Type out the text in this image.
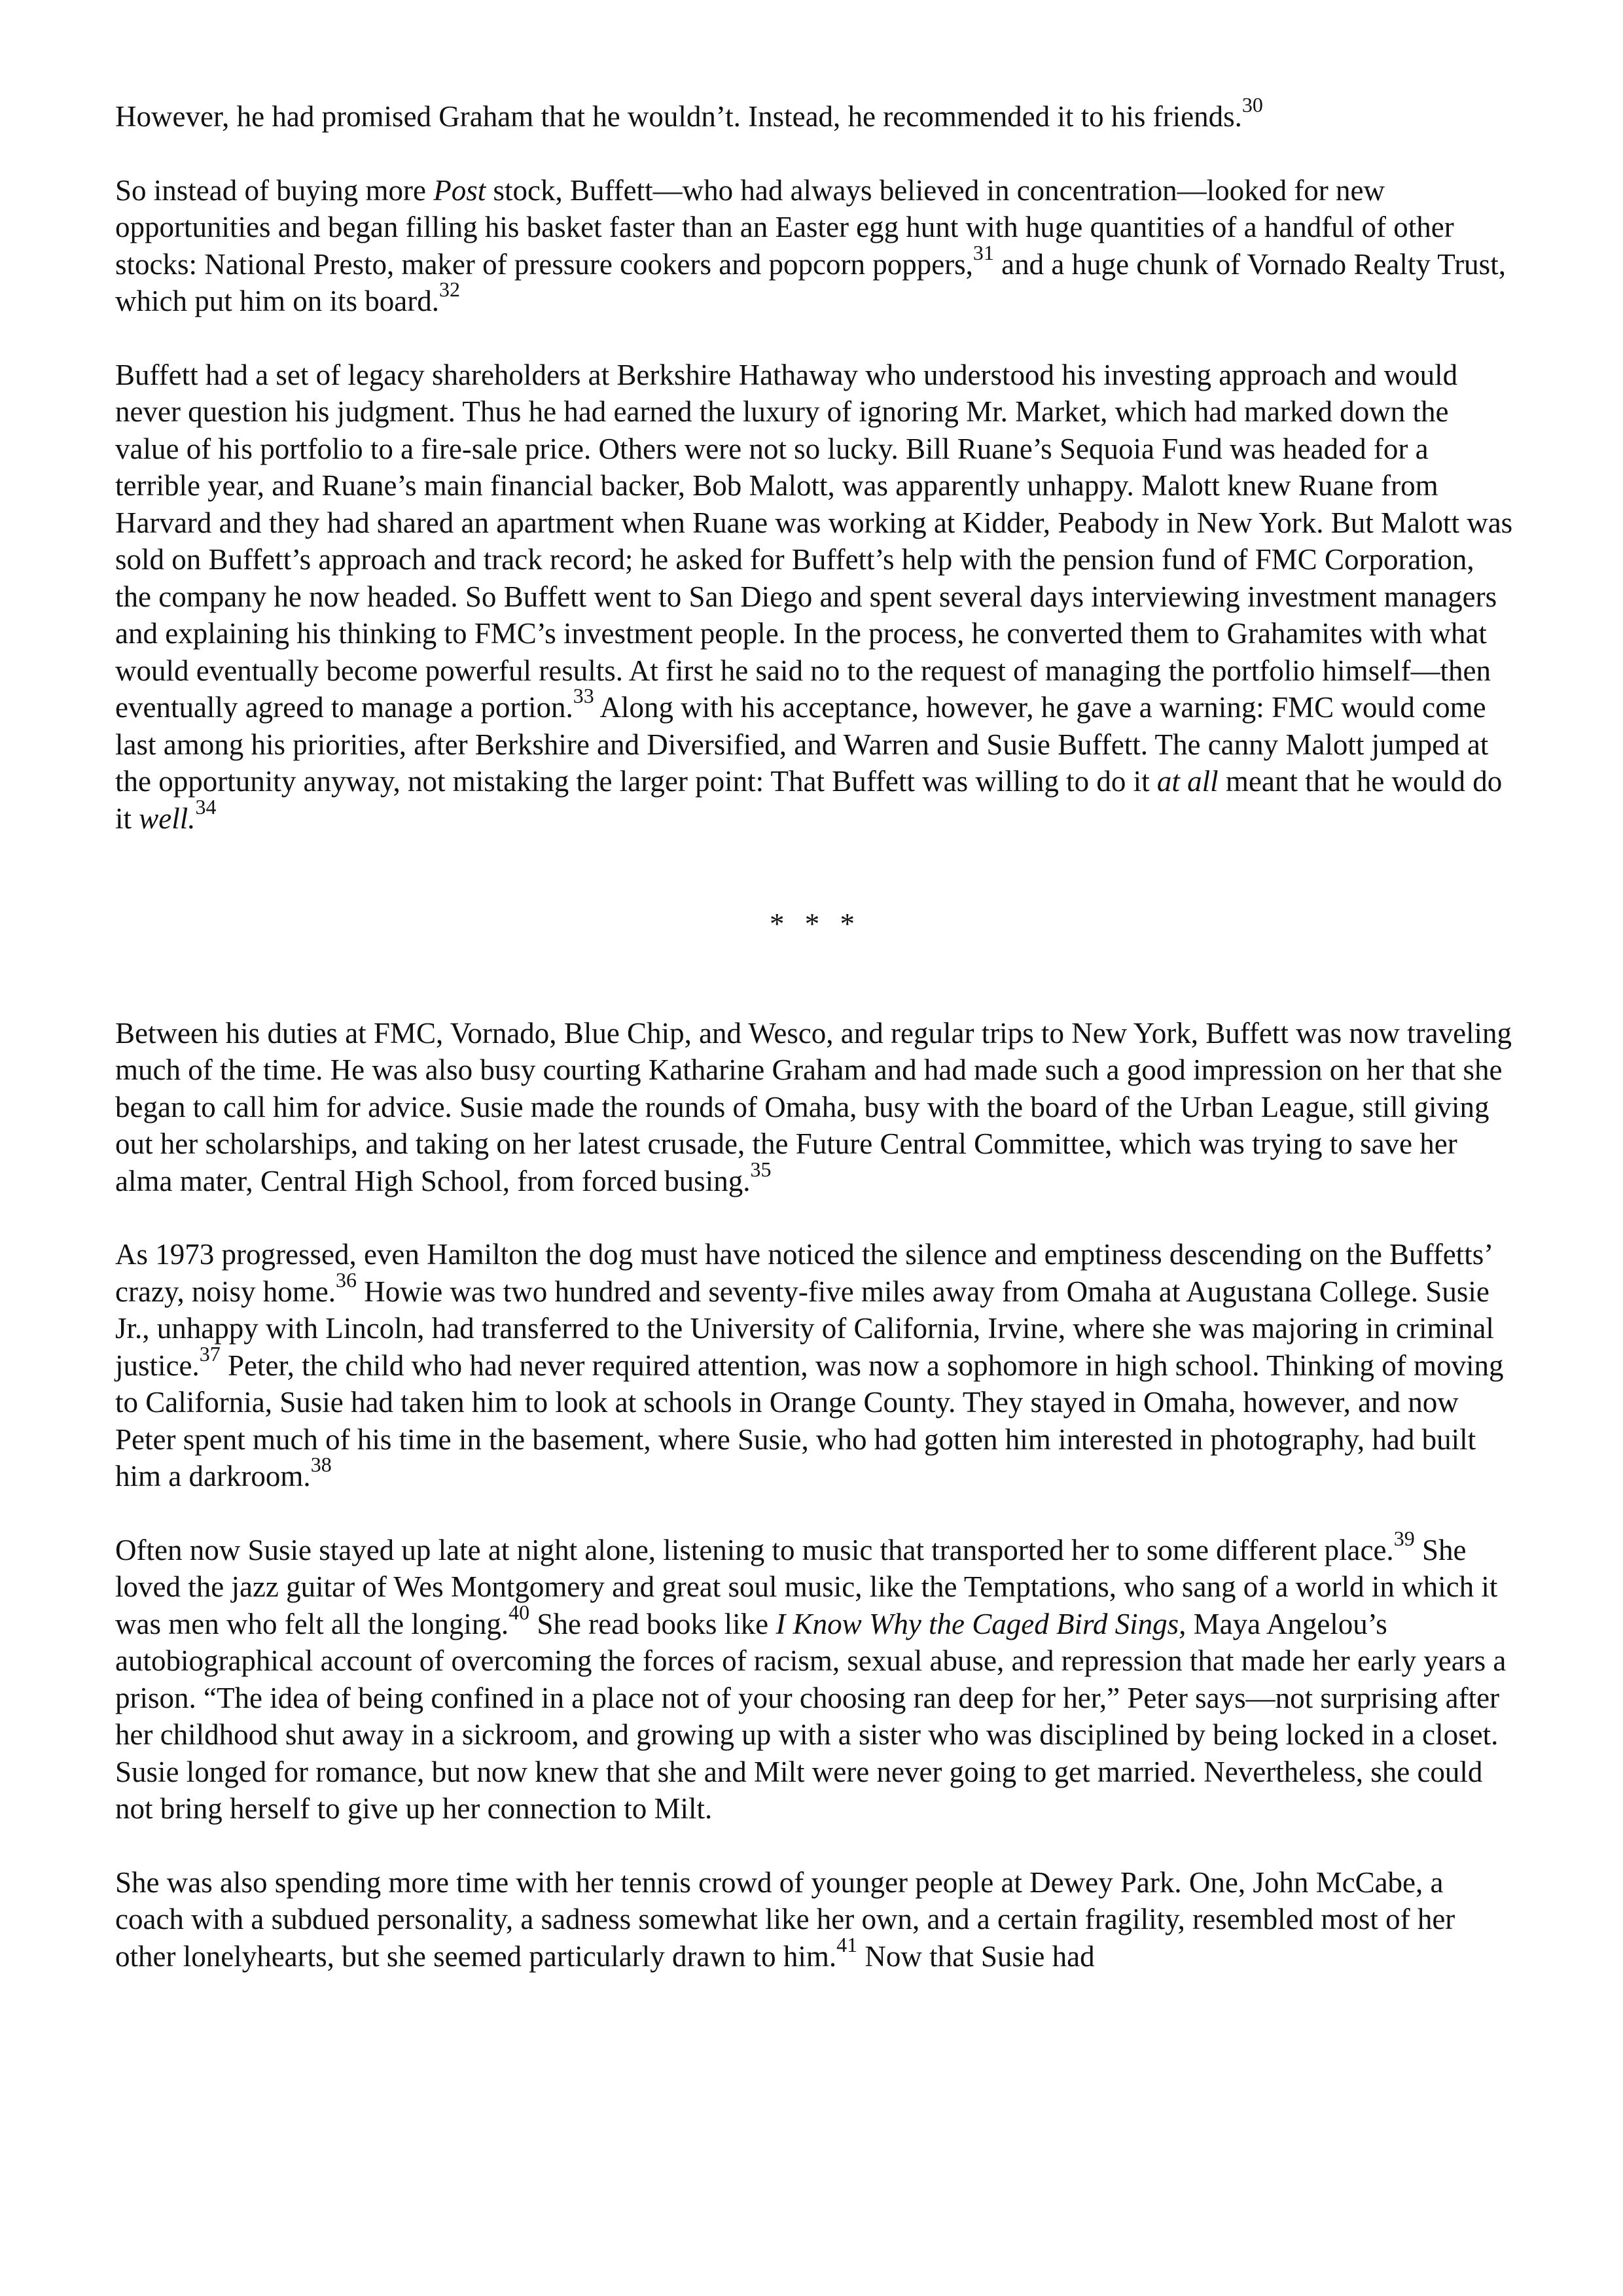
However, he had promised Graham that he wouldn’t. Instead, he recommended it to his friends.$^{30}$

So instead of buying more Post stock, Buffett—who had always believed in concentration—looked for new opportunities and began filling his basket faster than an Easter egg hunt with huge quantities of a handful of other stocks: National Presto, maker of pressure cookers and popcorn poppers,$^{31}$ and a huge chunk of Vornado Realty Trust, which put him on its board.$^{32}$

Buffett had a set of legacy shareholders at Berkshire Hathaway who understood his investing approach and would never question his judgment. Thus he had earned the luxury of ignoring Mr. Market, which had marked down the value of his portfolio to a fire-sale price. Others were not so lucky. Bill Ruane’s Sequoia Fund was headed for a terrible year, and Ruane’s main financial backer, Bob Malott, was apparently unhappy. Malott knew Ruane from Harvard and they had shared an apartment when Ruane was working at Kidder, Peabody in New York. But Malott was sold on Buffett’s approach and track record; he asked for Buffett’s help with the pension fund of FMC Corporation, the company he now headed. So Buffett went to San Diego and spent several days interviewing investment managers and explaining his thinking to FMC’s investment people. In the process, he converted them to Grahamites with what would eventually become powerful results. At first he said no to the request of managing the portfolio himself—then eventually agreed to manage a portion.$^{33}$ Along with his acceptance, however, he gave a warning: FMC would come last among his priorities, after Berkshire and Diversified, and Warren and Susie Buffett. The canny Malott jumped at the opportunity anyway, not mistaking the larger point: That Buffett was willing to do it at all meant that he would do it well.$^{34}$

* * *

Between his duties at FMC, Vornado, Blue Chip, and Wesco, and regular trips to New York, Buffett was now traveling much of the time. He was also busy courting Katharine Graham and had made such a good impression on her that she began to call him for advice. Susie made the rounds of Omaha, busy with the board of the Urban League, still giving out her scholarships, and taking on her latest crusade, the Future Central Committee, which was trying to save her alma mater, Central High School, from forced busing.$^{35}$

As 1973 progressed, even Hamilton the dog must have noticed the silence and emptiness descending on the Buffetts’ crazy, noisy home.$^{36}$ Howie was two hundred and seventy-five miles away from Omaha at Augustana College. Susie Jr., unhappy with Lincoln, had transferred to the University of California, Irvine, where she was majoring in criminal justice.$^{37}$ Peter, the child who had never required attention, was now a sophomore in high school. Thinking of moving to California, Susie had taken him to look at schools in Orange County. They stayed in Omaha, however, and now Peter spent much of his time in the basement, where Susie, who had gotten him interested in photography, had built him a darkroom.$^{38}$

Often now Susie stayed up late at night alone, listening to music that transported her to some different place.$^{39}$ She loved the jazz guitar of Wes Montgomery and great soul music, like the Temptations, who sang of a world in which it was men who felt all the longing.$^{40}$ She read books like I Know Why the Caged Bird Sings, Maya Angelou’s autobiographical account of overcoming the forces of racism, sexual abuse, and repression that made her early years a prison. “The idea of being confined in a place not of your choosing ran deep for her,” Peter says—not surprising after her childhood shut away in a sickroom, and growing up with a sister who was disciplined by being locked in a closet. Susie longed for romance, but now knew that she and Milt were never going to get married. Nevertheless, she could not bring herself to give up her connection to Milt.

She was also spending more time with her tennis crowd of younger people at Dewey Park. One, John McCabe, a coach with a subdued personality, a sadness somewhat like her own, and a certain fragility, resembled most of her other lonelyhearts, but she seemed particularly drawn to him.$^{41}$ Now that Susie had
